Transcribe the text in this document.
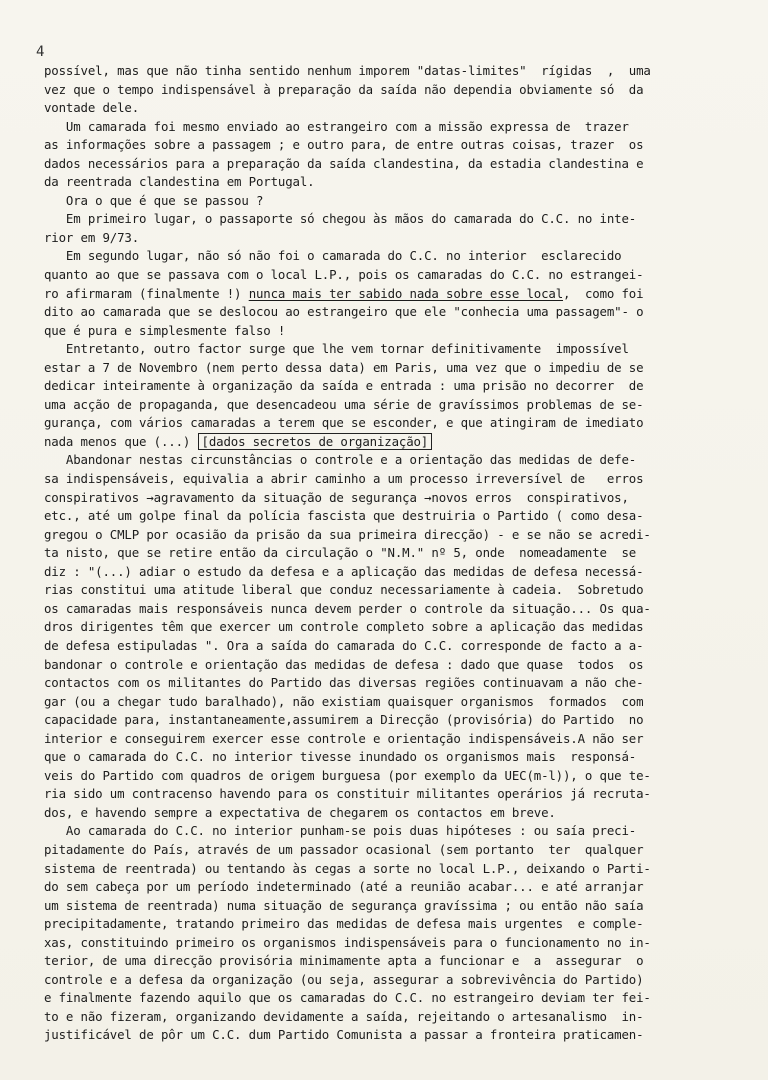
4
possível, mas que não tinha sentido nenhum imporem "datas-limites"  rígidas  ,  uma
vez que o tempo indispensável à preparação da saída não dependia obviamente só  da
vontade dele.
Um camarada foi mesmo enviado ao estrangeiro com a missão expressa de  trazer
as informações sobre a passagem ; e outro para, de entre outras coisas, trazer  os
dados necessários para a preparação da saída clandestina, da estadia clandestina e
da reentrada clandestina em Portugal.
Ora o que é que se passou ?
Em primeiro lugar, o passaporte só chegou às mãos do camarada do C.C. no inte-
rior em 9/73.
Em segundo lugar, não só não foi o camarada do C.C. no interior  esclarecido
quanto ao que se passava com o local L.P., pois os camaradas do C.C. no estrangei-
ro afirmaram (finalmente !) nunca mais ter sabido nada sobre esse local,  como foi
dito ao camarada que se deslocou ao estrangeiro que ele "conhecia uma passagem"- o
que é pura e simplesmente falso !
Entretanto, outro factor surge que lhe vem tornar definitivamente  impossível
estar a 7 de Novembro (nem perto dessa data) em Paris, uma vez que o impediu de se
dedicar inteiramente à organização da saída e entrada : uma prisão no decorrer  de
uma acção de propaganda, que desencadeou uma série de gravíssimos problemas de se-
gurança, com vários camaradas a terem que se esconder, e que atingiram de imediato
nada menos que (...) [dados secretos de organização]
Abandonar nestas circunstâncias o controle e a orientação das medidas de defe-
sa indispensáveis, equivalia a abrir caminho a um processo irreversível de   erros
conspirativos →agravamento da situação de segurança →novos erros  conspirativos,
etc., até um golpe final da polícia fascista que destruiria o Partido ( como desa-
gregou o CMLP por ocasião da prisão da sua primeira direcção) - e se não se acredi-
ta nisto, que se retire então da circulação o "N.M." nº 5, onde  nomeadamente  se
diz : "(...) adiar o estudo da defesa e a aplicação das medidas de defesa necessá-
rias constitui uma atitude liberal que conduz necessariamente à cadeia.  Sobretudo
os camaradas mais responsáveis nunca devem perder o controle da situação... Os qua-
dros dirigentes têm que exercer um controle completo sobre a aplicação das medidas
de defesa estipuladas ". Ora a saída do camarada do C.C. corresponde de facto a a-
bandonar o controle e orientação das medidas de defesa : dado que quase  todos  os
contactos com os militantes do Partido das diversas regiões continuavam a não che-
gar (ou a chegar tudo baralhado), não existiam quaisquer organismos  formados  com
capacidade para, instantaneamente,assumirem a Direcção (provisória) do Partido  no
interior e conseguirem exercer esse controle e orientação indispensáveis.A não ser
que o camarada do C.C. no interior tivesse inundado os organismos mais  responsá-
veis do Partido com quadros de origem burguesa (por exemplo da UEC(m-l)), o que te-
ria sido um contracenso havendo para os constituir militantes operários já recruta-
dos, e havendo sempre a expectativa de chegarem os contactos em breve.
Ao camarada do C.C. no interior punham-se pois duas hipóteses : ou saía preci-
pitadamente do País, através de um passador ocasional (sem portanto  ter  qualquer
sistema de reentrada) ou tentando às cegas a sorte no local L.P., deixando o Parti-
do sem cabeça por um período indeterminado (até a reunião acabar... e até arranjar
um sistema de reentrada) numa situação de segurança gravíssima ; ou então não saía
precipitadamente, tratando primeiro das medidas de defesa mais urgentes  e comple-
xas, constituindo primeiro os organismos indispensáveis para o funcionamento no in-
terior, de uma direcção provisória minimamente apta a funcionar e  a  assegurar  o
controle e a defesa da organização (ou seja, assegurar a sobrevivência do Partido)
e finalmente fazendo aquilo que os camaradas do C.C. no estrangeiro deviam ter fei-
to e não fizeram, organizando devidamente a saída, rejeitando o artesanalismo  in-
justificável de pôr um C.C. dum Partido Comunista a passar a fronteira praticamen-
